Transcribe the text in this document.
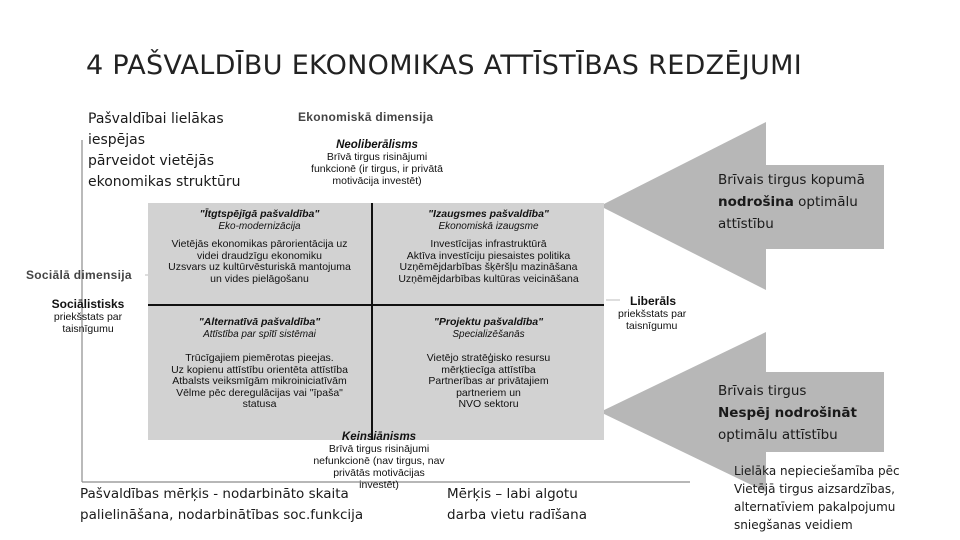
4 PAŠVALDĪBU EKONOMIKAS ATTĪSTĪBAS REDZĒJUMI
Pašvaldībai lielākas
iespējas
pārveidot vietējās
ekonomikas struktūru
Ekonomiskā dimensija
Neoliberālisms
Brīvā tirgus risinājumi
funkcionē (ir tirgus, ir privātā
motivācija investēt)
Sociālā dimensija
Sociālistisks
priekšstats par
taisnīgumu
Liberāls
priekšstats par
taisnīgumu
"Ītgtspējīgā pašvaldība"
Eko-modernizācija
Vietējās ekonomikas pārorientācija uz
videi draudzīgu ekonomiku
Uzsvars uz kultūrvēsturiskā mantojuma
un vides pielāgošanu
"Izaugsmes pašvaldība"
Ekonomiskā izaugsme
Investīcijas infrastruktūrā
Aktīva investīciju piesaistes politika
Uzņēmējdarbības šķēršļu mazināšana
Uzņēmējdarbības kultūras veicināšana
"Alternatīvā pašvaldība"
Attīstība par spītī sistēmai
Trūcīgajiem piemērotas pieejas.
Uz kopienu attīstību orientēta attīstība
Atbalsts veiksmīgām mikroiniciatīvām
Vēlme pēc deregulācijas vai "īpaša"
statusa
"Projektu pašvaldība"
Specializēšanās
Vietējo stratēģisko resursu
mērķtiecīga attīstība
Partnerības ar privātajiem
partneriem un
NVO sektoru
Keinsiānisms
Brīvā tirgus risinājumi
nefunkcionē (nav tirgus, nav
privātās motivācijas
investēt)
Brīvais tirgus kopumā
nodrošina optimālu
attīstību
Brīvais tirgus
Nespēj nodrošināt
optimālu attīstību
Pašvaldības mērķis - nodarbināto skaita
palielināšana, nodarbinātības soc.funkcija
Mērķis – labi algotu
darba vietu radīšana
Lielāka nepieciešamība pēc
Vietējā tirgus aizsardzības,
alternatīviem pakalpojumu
sniegšanas veidiem
